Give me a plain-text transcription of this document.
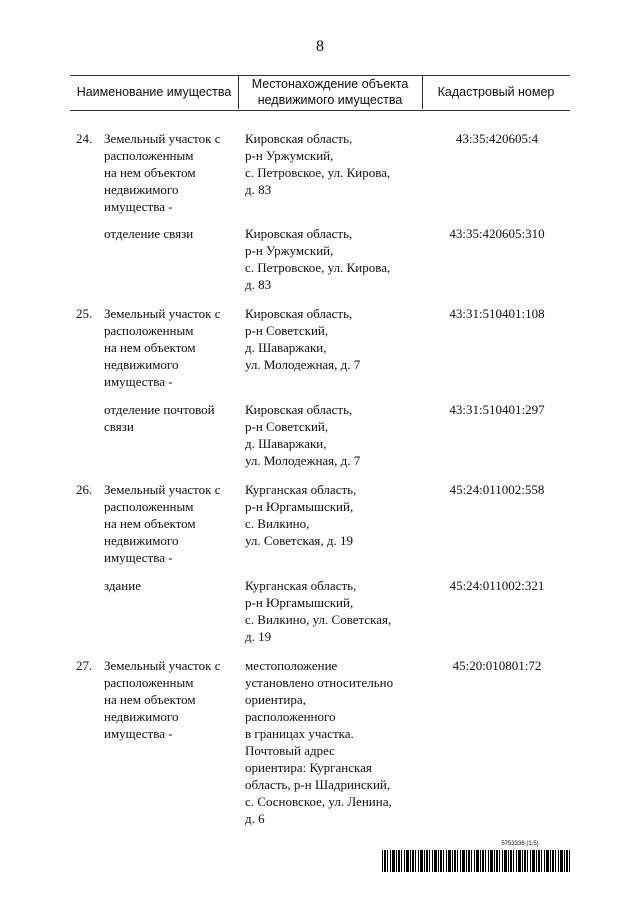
8
Наименование имущества
Местонахождение объекта
недвижимого имущества
Кадастровый номер
24. Земельный участок с
расположенным
на нем объектом
недвижимого
имущества -
Кировская область,
р-н Уржумский,
с. Петровское, ул. Кирова,
д. 83
43:35:420605:4
отделение связи	Кировская область,
р-н Уржумский,
с. Петровское, ул. Кирова,
д. 83
43:35:420605:310
25. Земельный участок с
расположенным
на нем объектом
недвижимого
имущества -
Кировская область,
р-н Советский,
д. Шаваржаки,
ул. Молодежная, д. 7
43:31:510401:108
отделение почтовой
связи
Кировская область,
р-н Советский,
д. Шаваржаки,
ул. Молодежная, д. 7
43:31:510401:297
26. Земельный участок с
расположенным
на нем объектом
недвижимого
имущества -
Курганская область,
р-н Юргамышский,
с. Вилкино,
ул. Советская, д. 19
45:24:011002:558
здание	Курганская область,
р-н Юргамышский,
с. Вилкино, ул. Советская,
д. 19
45:24:011002:321
27. Земельный участок с
расположенным
на нем объектом
недвижимого
имущества -
местоположение
установлено относительно
ориентира,
расположенного
в границах участка.
Почтовый адрес
ориентира: Курганская
область, р-н Шадринский,
с. Сосновское, ул. Ленина,
д. 6
45:20:010801:72
5753336 (1.5)
